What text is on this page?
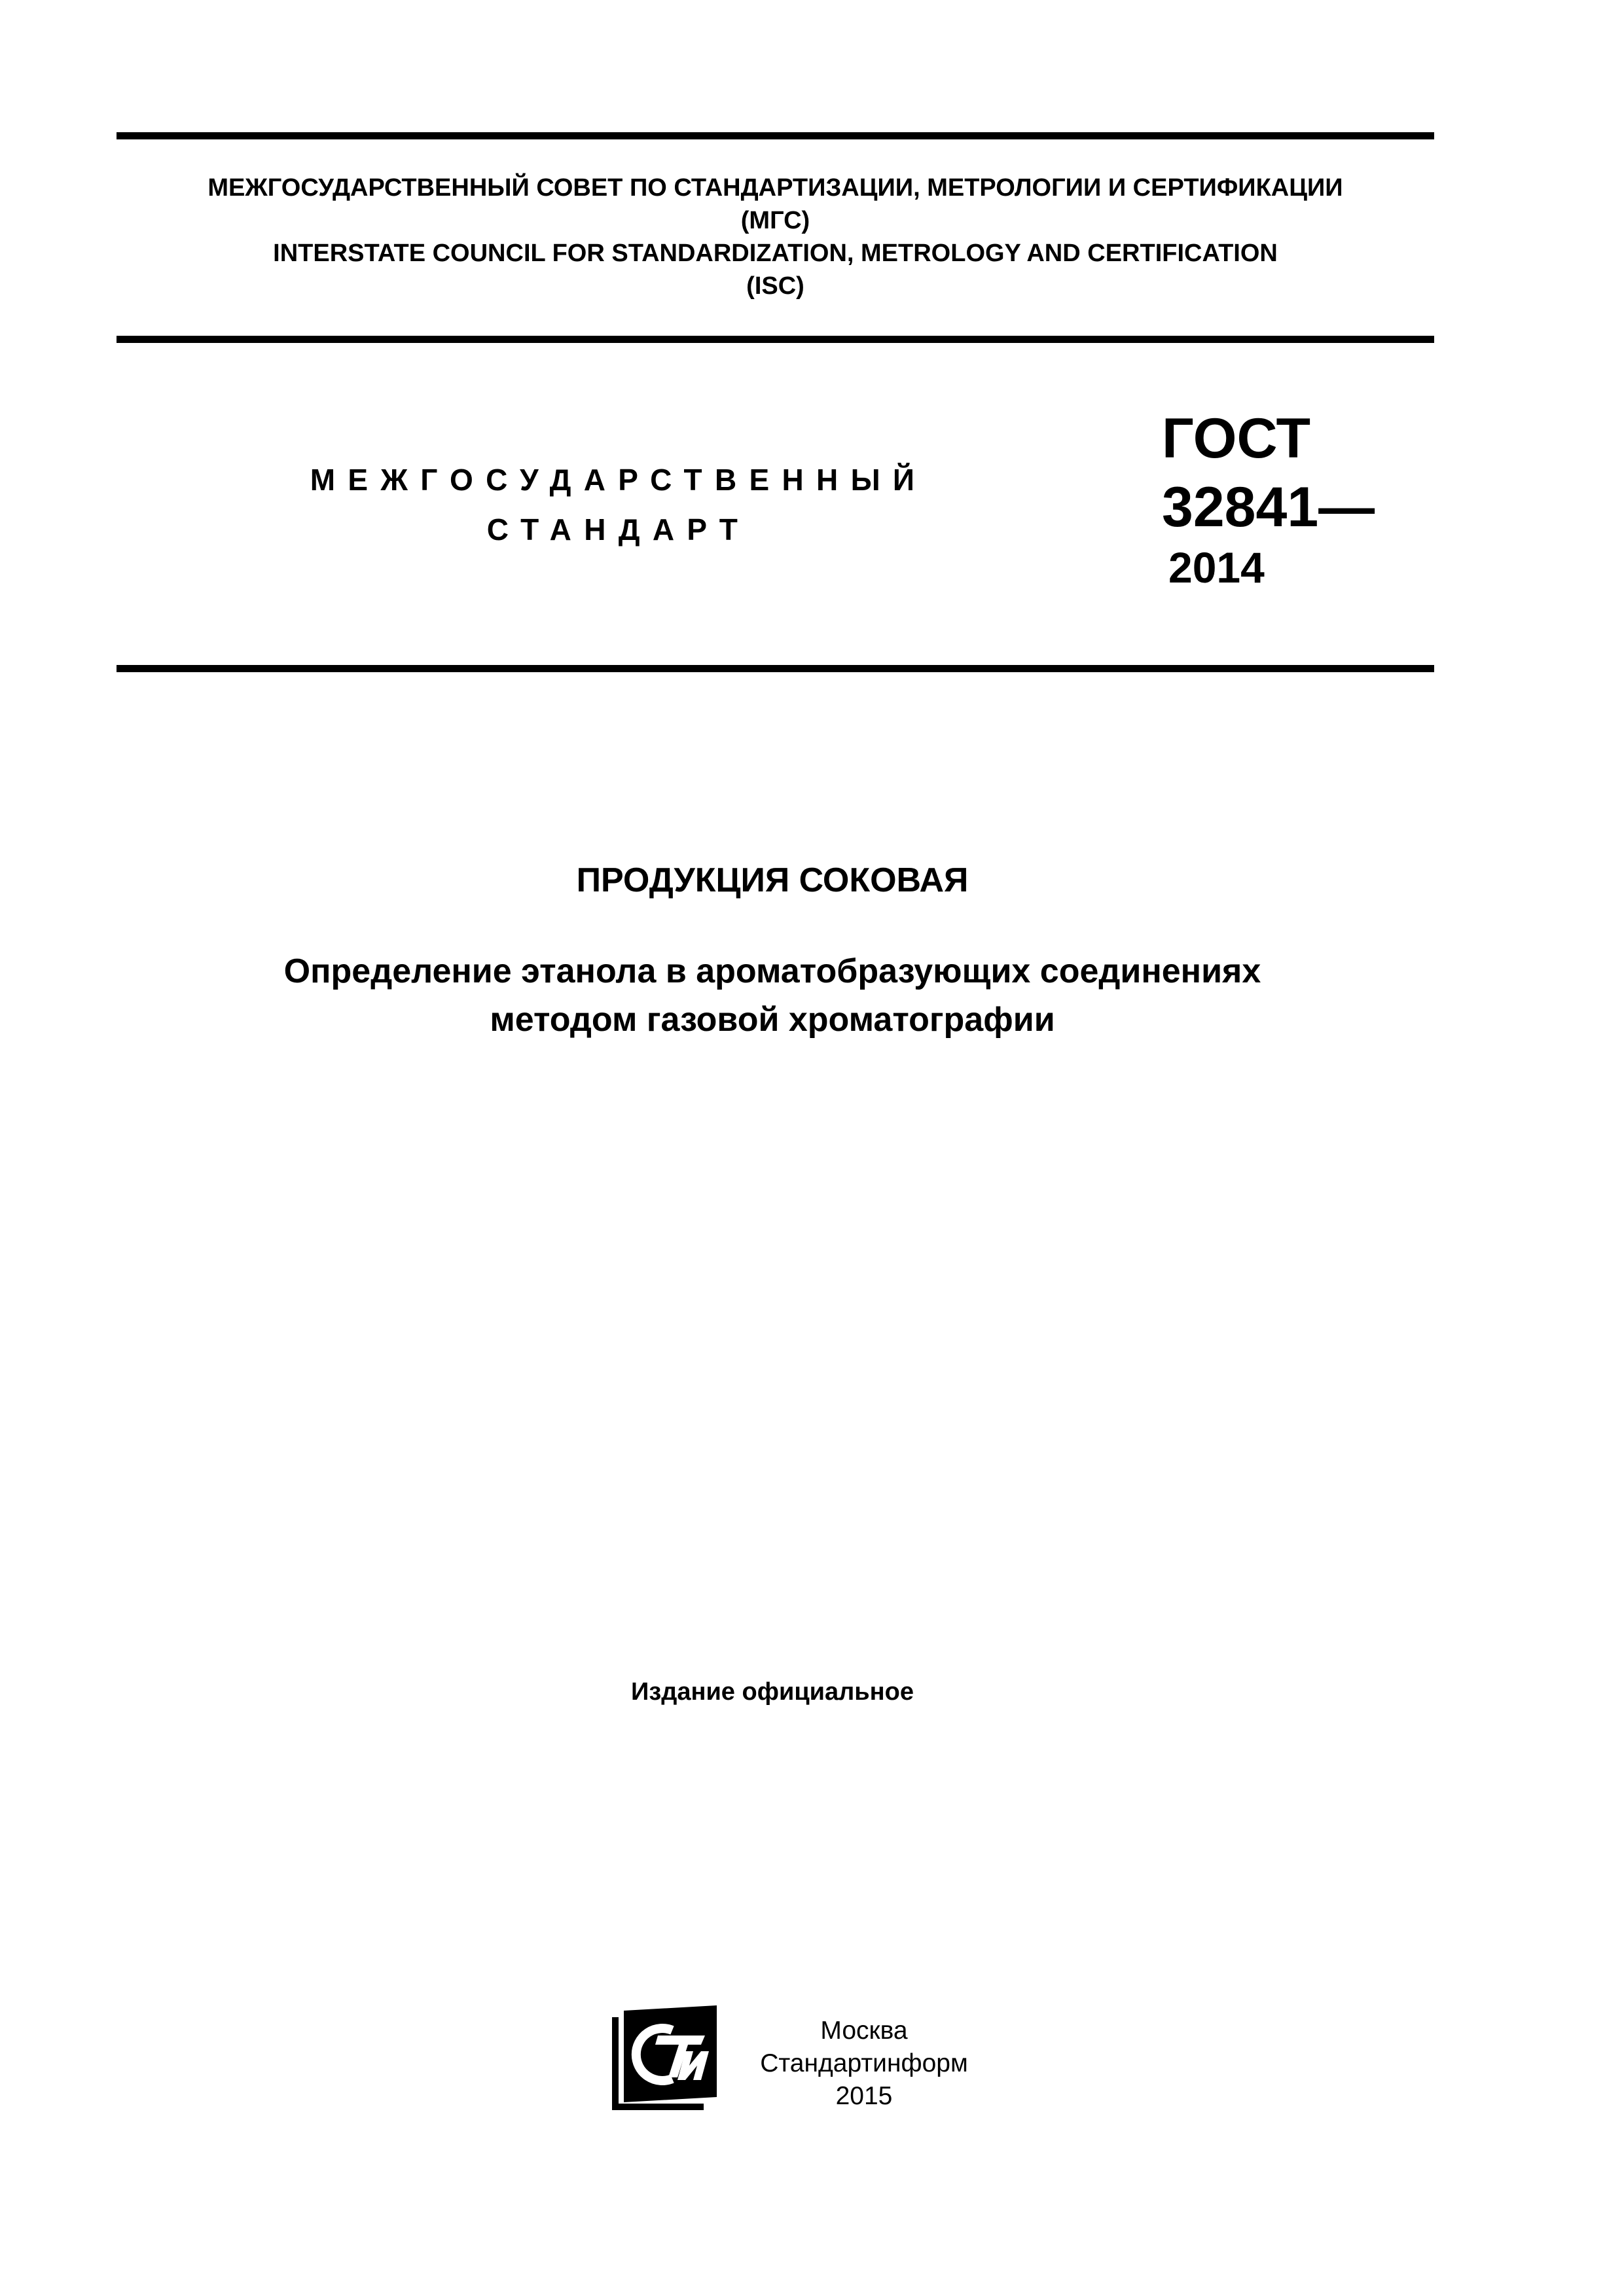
МЕЖГОСУДАРСТВЕННЫЙ СОВЕТ ПО СТАНДАРТИЗАЦИИ, МЕТРОЛОГИИ И СЕРТИФИКАЦИИ
(МГС)
INTERSTATE COUNCIL FOR STANDARDIZATION, METROLOGY AND CERTIFICATION
(ISC)
МЕЖГОСУДАРСТВЕННЫЙ
СТАНДАРТ
ГОСТ
32841—
2014
ПРОДУКЦИЯ СОКОВАЯ
Определение этанола в ароматобразующих соединениях
методом газовой хроматографии
Издание официальное
Москва
Стандартинформ
2015
